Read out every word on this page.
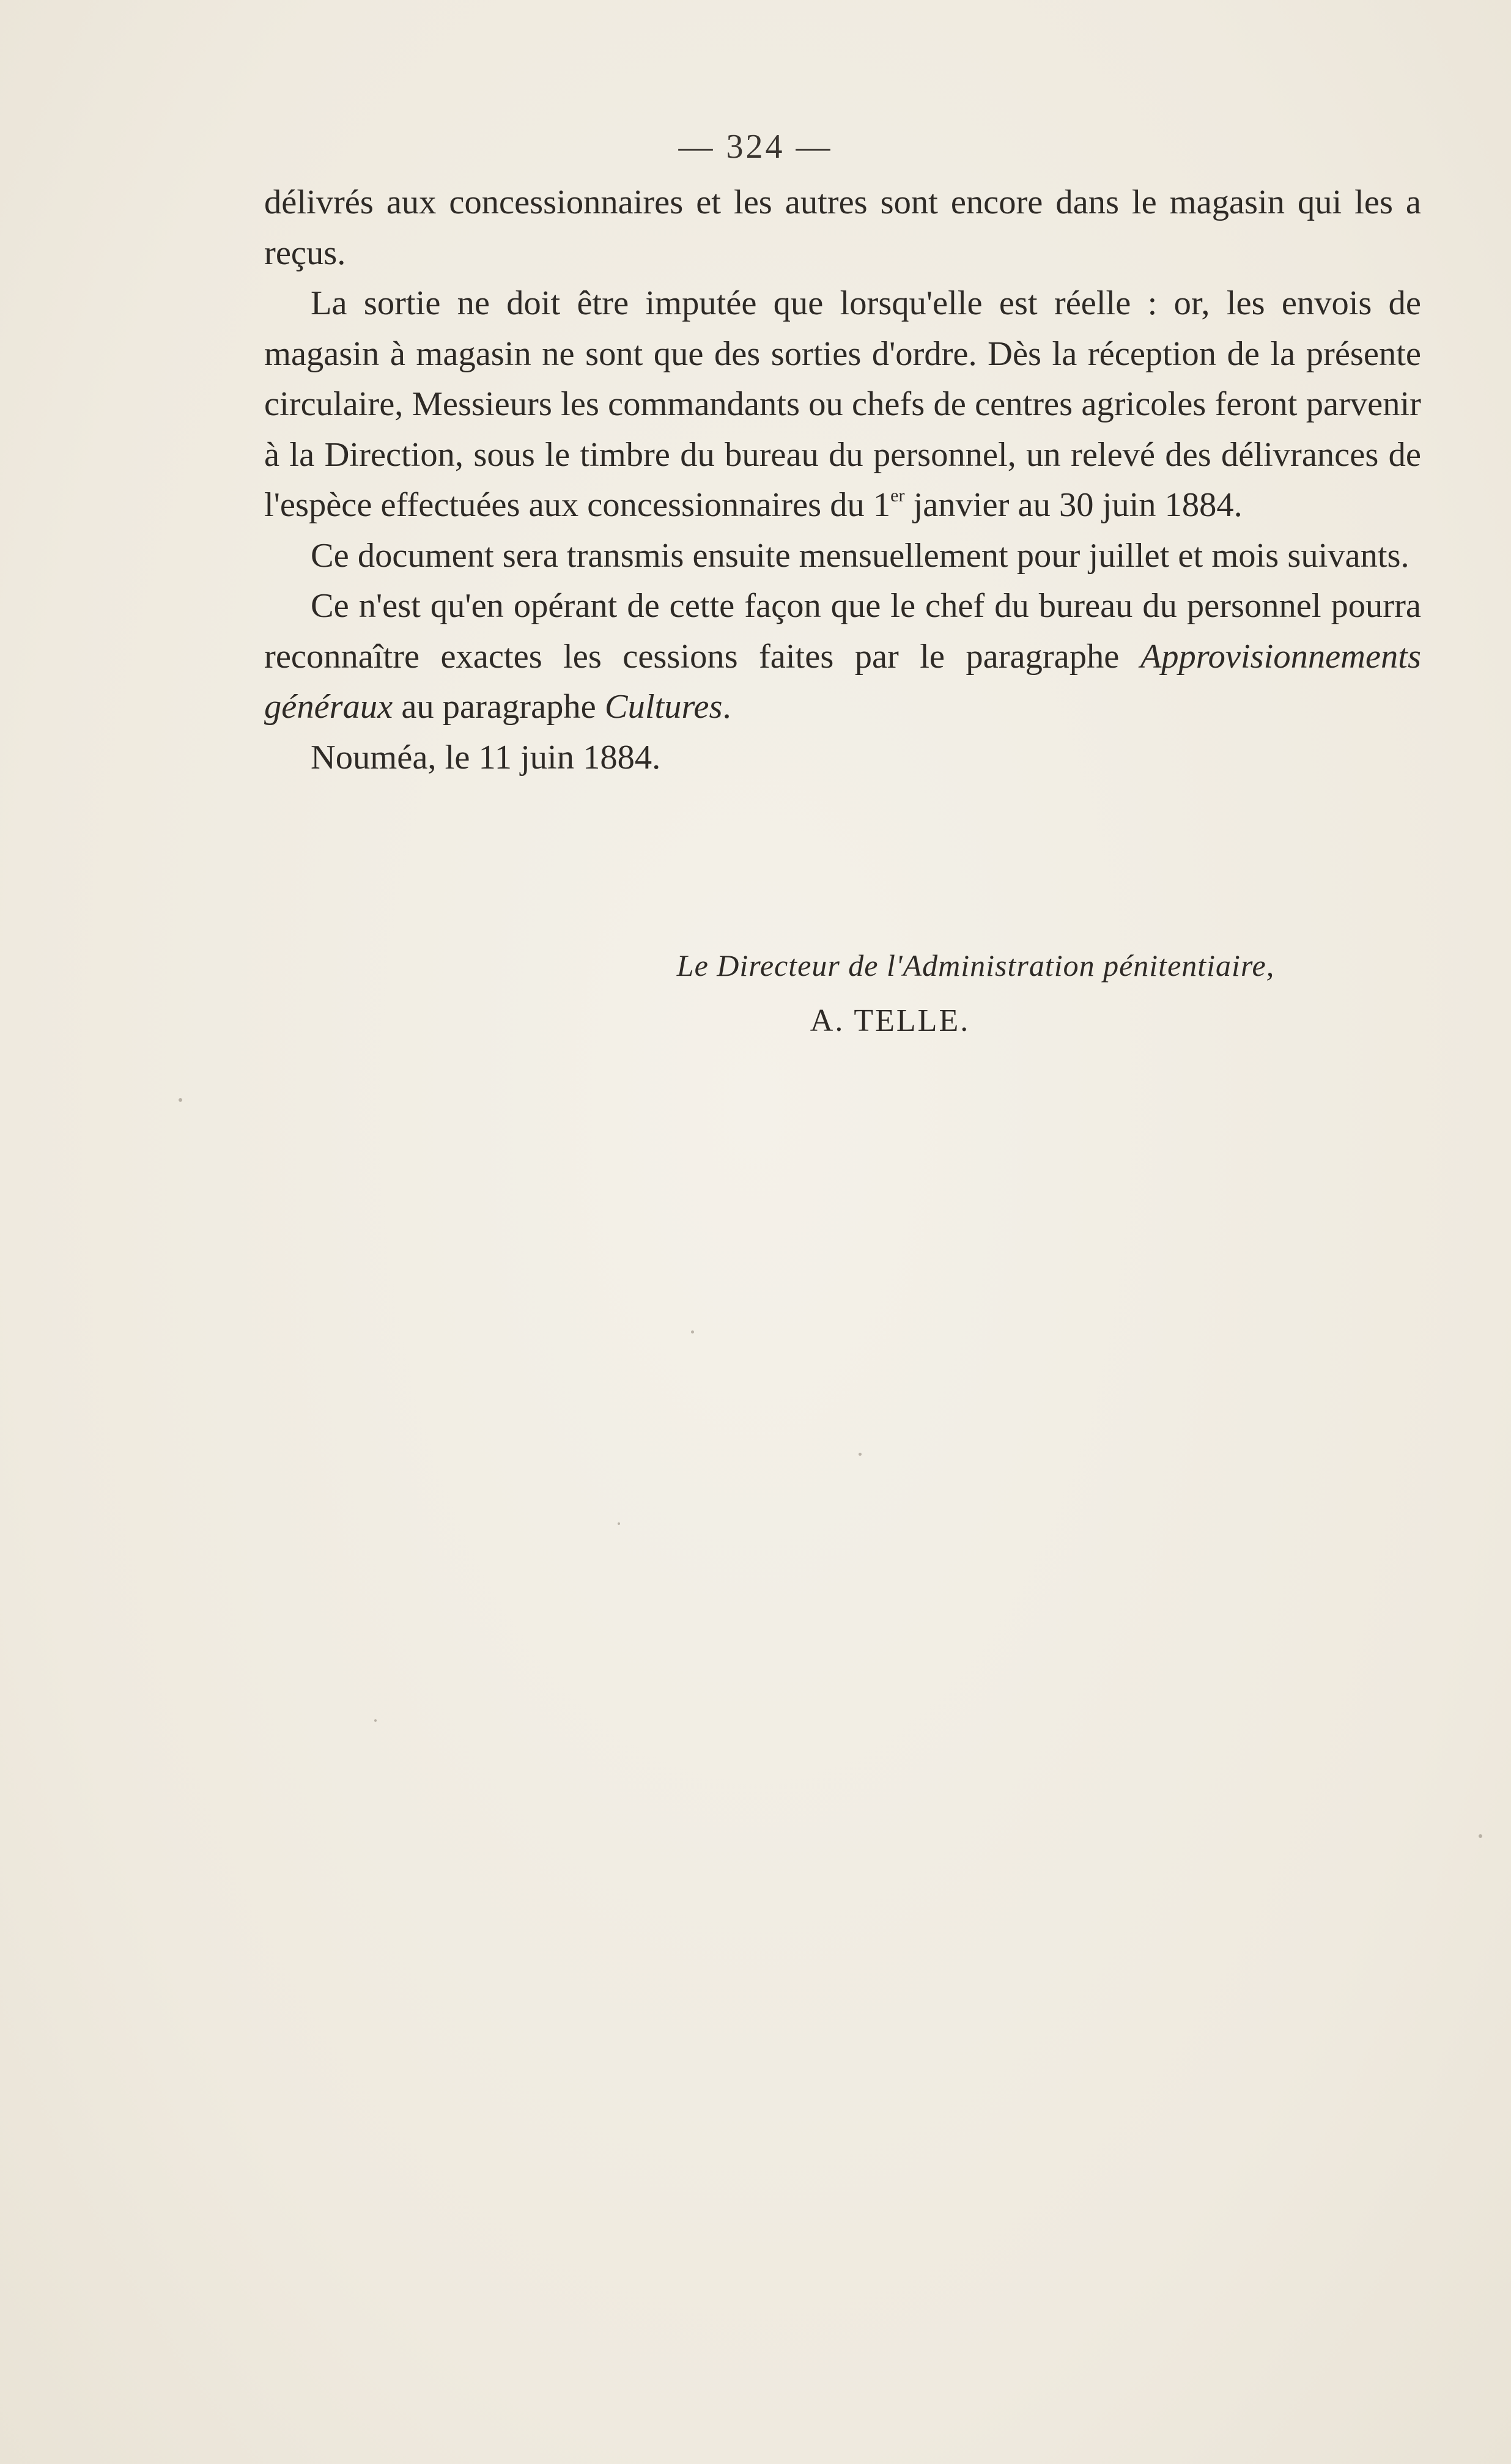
— 324 —

délivrés aux concessionnaires et les autres sont encore dans le magasin qui les a reçus.

La sortie ne doit être imputée que lorsqu'elle est réelle : or, les envois de magasin à magasin ne sont que des sorties d'ordre. Dès la réception de la présente circulaire, Messieurs les commandants ou chefs de centres agricoles feront parvenir à la Direction, sous le timbre du bureau du personnel, un relevé des délivrances de l'espèce effectuées aux concessionnaires du 1er janvier au 30 juin 1884.

Ce document sera transmis ensuite mensuellement pour juillet et mois suivants.

Ce n'est qu'en opérant de cette façon que le chef du bureau du personnel pourra reconnaître exactes les cessions faites par le paragraphe Approvisionnements généraux au paragraphe Cultures.

Nouméa, le 11 juin 1884.

Le Directeur de l'Administration pénitentiaire,
A. TELLE.
